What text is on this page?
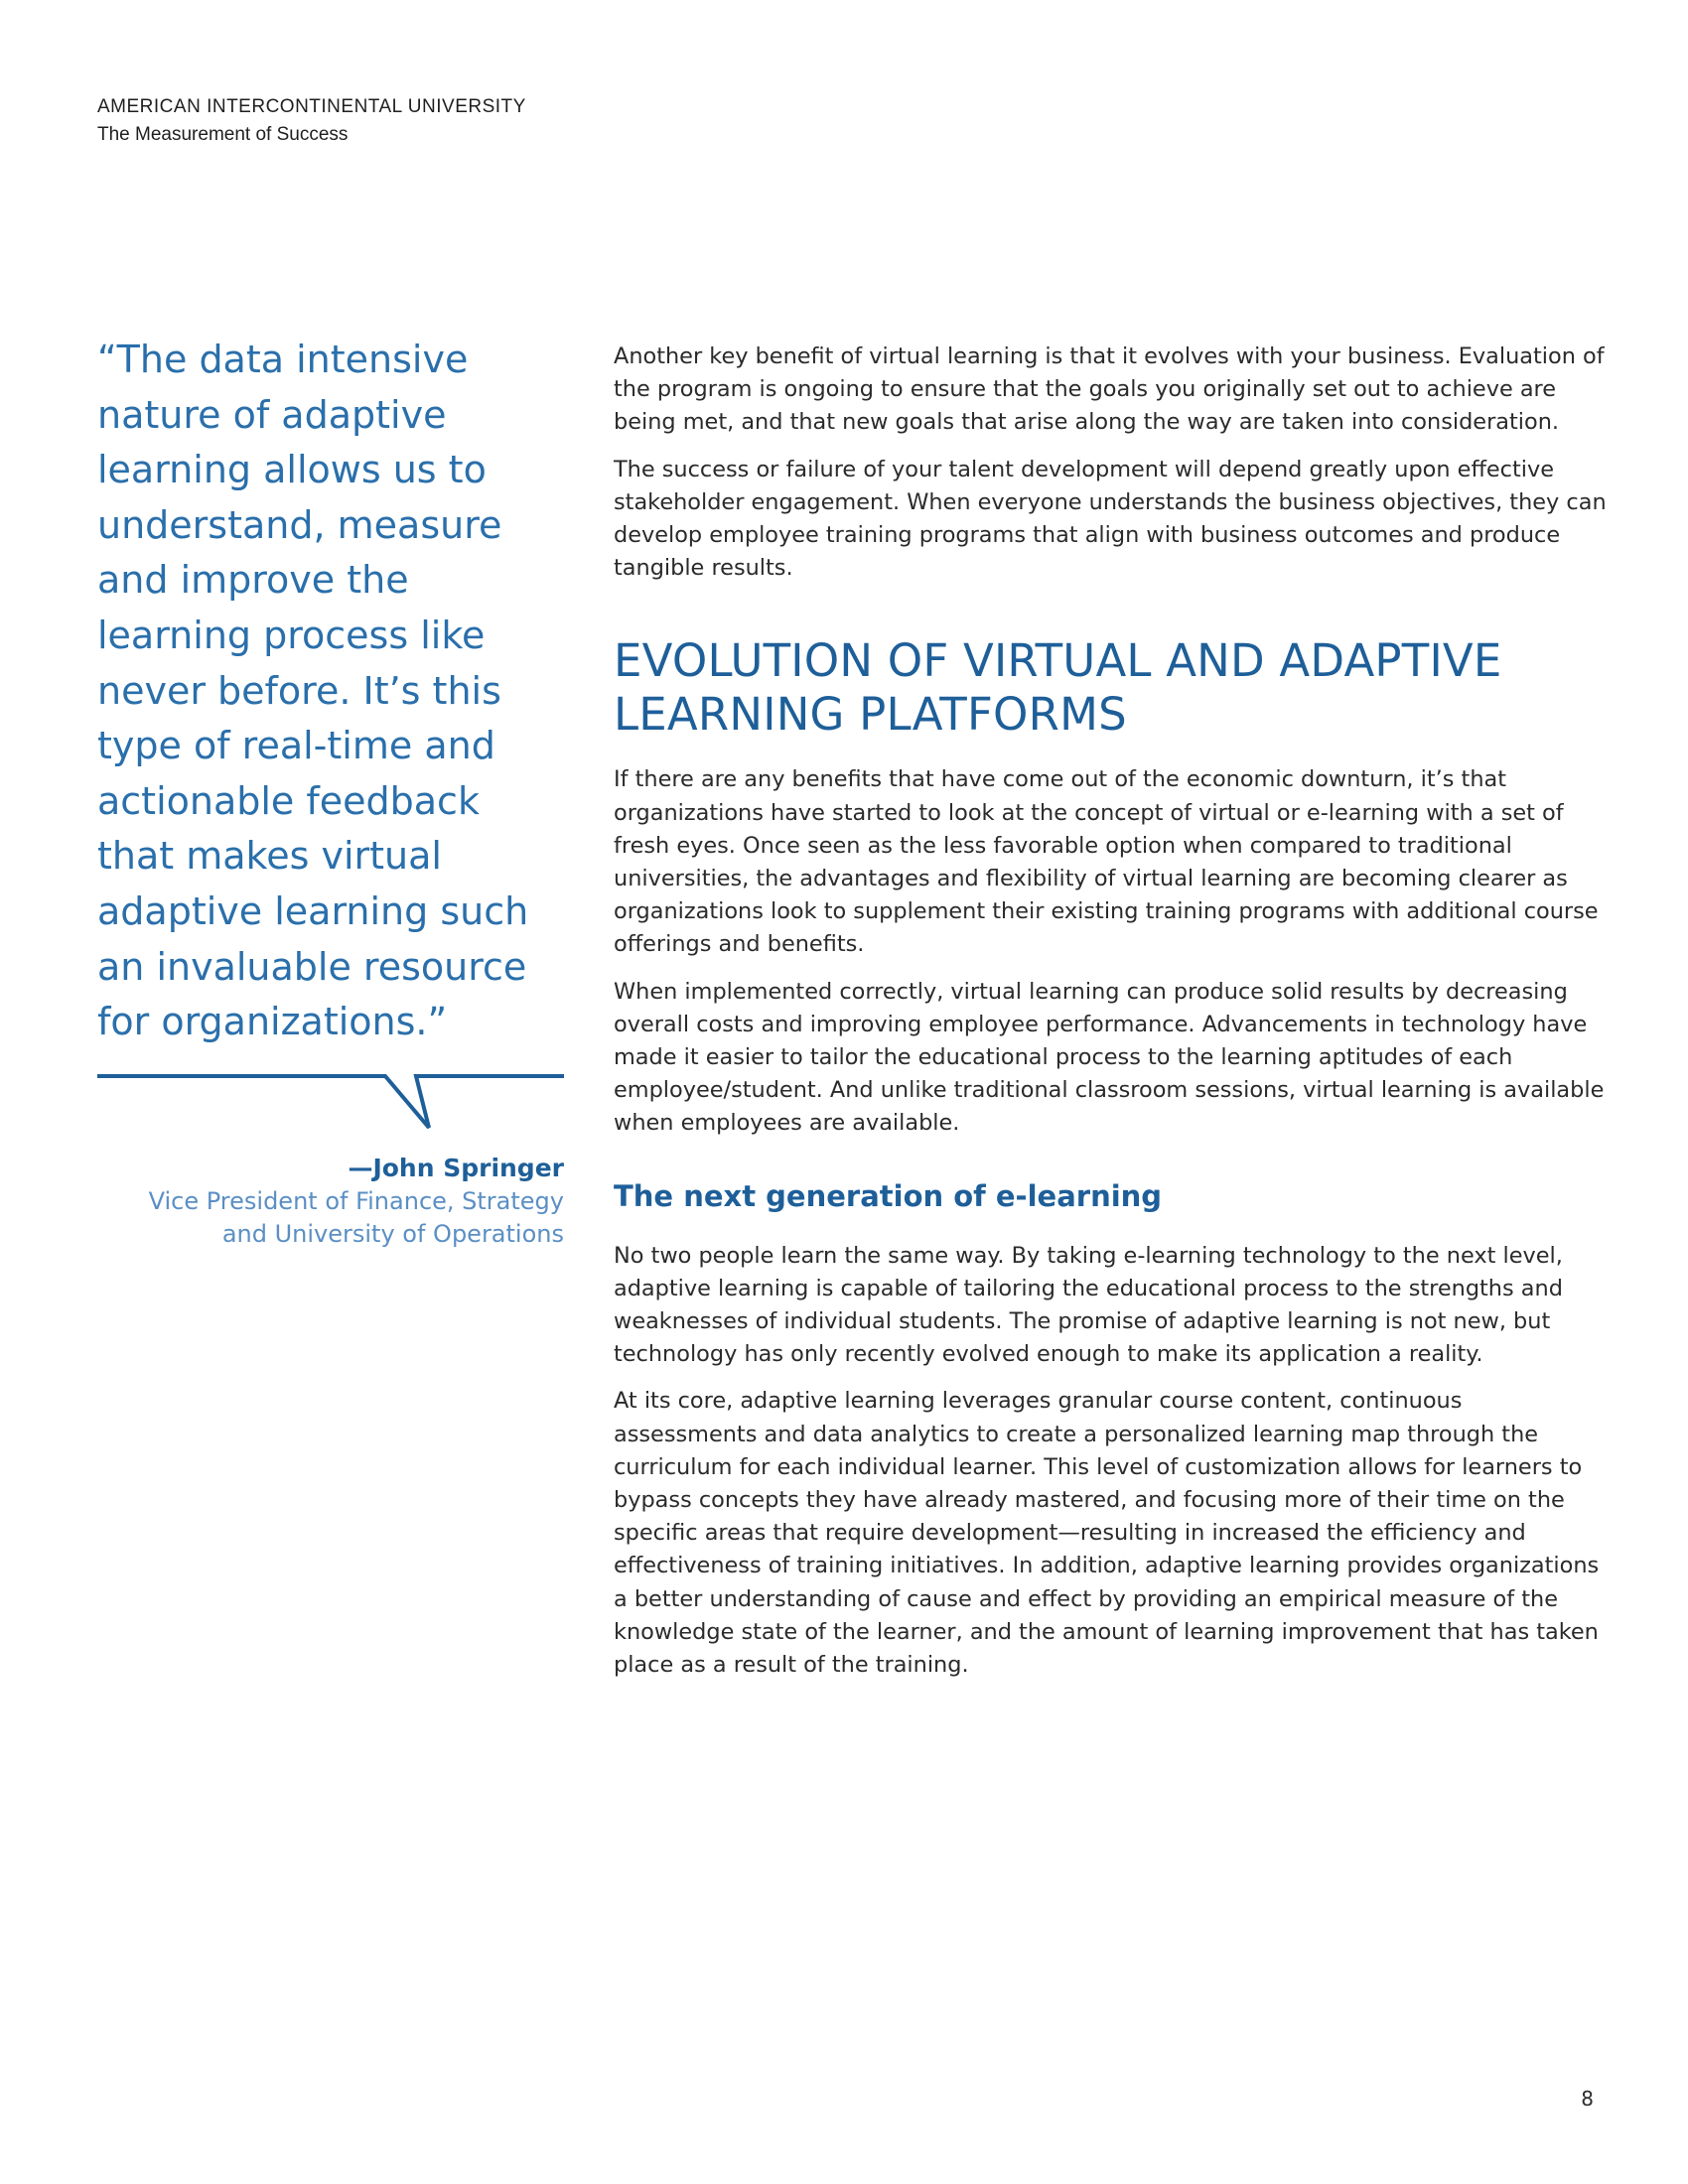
AMERICAN INTERCONTINENTAL UNIVERSITY
The Measurement of Success

“The data intensive nature of adaptive learning allows us to understand, measure and improve the learning process like never before. It’s this type of real-time and actionable feedback that makes virtual adaptive learning such an invaluable resource for organizations.”

—John Springer
Vice President of Finance, Strategy
and University of Operations

Another key benefit of virtual learning is that it evolves with your business. Evaluation of the program is ongoing to ensure that the goals you originally set out to achieve are being met, and that new goals that arise along the way are taken into consideration.

The success or failure of your talent development will depend greatly upon effective stakeholder engagement. When everyone understands the business objectives, they can develop employee training programs that align with business outcomes and produce tangible results.

EVOLUTION OF VIRTUAL AND ADAPTIVE LEARNING PLATFORMS

If there are any benefits that have come out of the economic downturn, it’s that organizations have started to look at the concept of virtual or e-learning with a set of fresh eyes. Once seen as the less favorable option when compared to traditional universities, the advantages and flexibility of virtual learning are becoming clearer as organizations look to supplement their existing training programs with additional course offerings and benefits.

When implemented correctly, virtual learning can produce solid results by decreasing overall costs and improving employee performance. Advancements in technology have made it easier to tailor the educational process to the learning aptitudes of each employee/student. And unlike traditional classroom sessions, virtual learning is available when employees are available.

The next generation of e-learning

No two people learn the same way. By taking e-learning technology to the next level, adaptive learning is capable of tailoring the educational process to the strengths and weaknesses of individual students. The promise of adaptive learning is not new, but technology has only recently evolved enough to make its application a reality.

At its core, adaptive learning leverages granular course content, continuous assessments and data analytics to create a personalized learning map through the curriculum for each individual learner. This level of customization allows for learners to bypass concepts they have already mastered, and focusing more of their time on the specific areas that require development—resulting in increased the efficiency and effectiveness of training initiatives. In addition, adaptive learning provides organizations a better understanding of cause and effect by providing an empirical measure of the knowledge state of the learner, and the amount of learning improvement that has taken place as a result of the training.

8
